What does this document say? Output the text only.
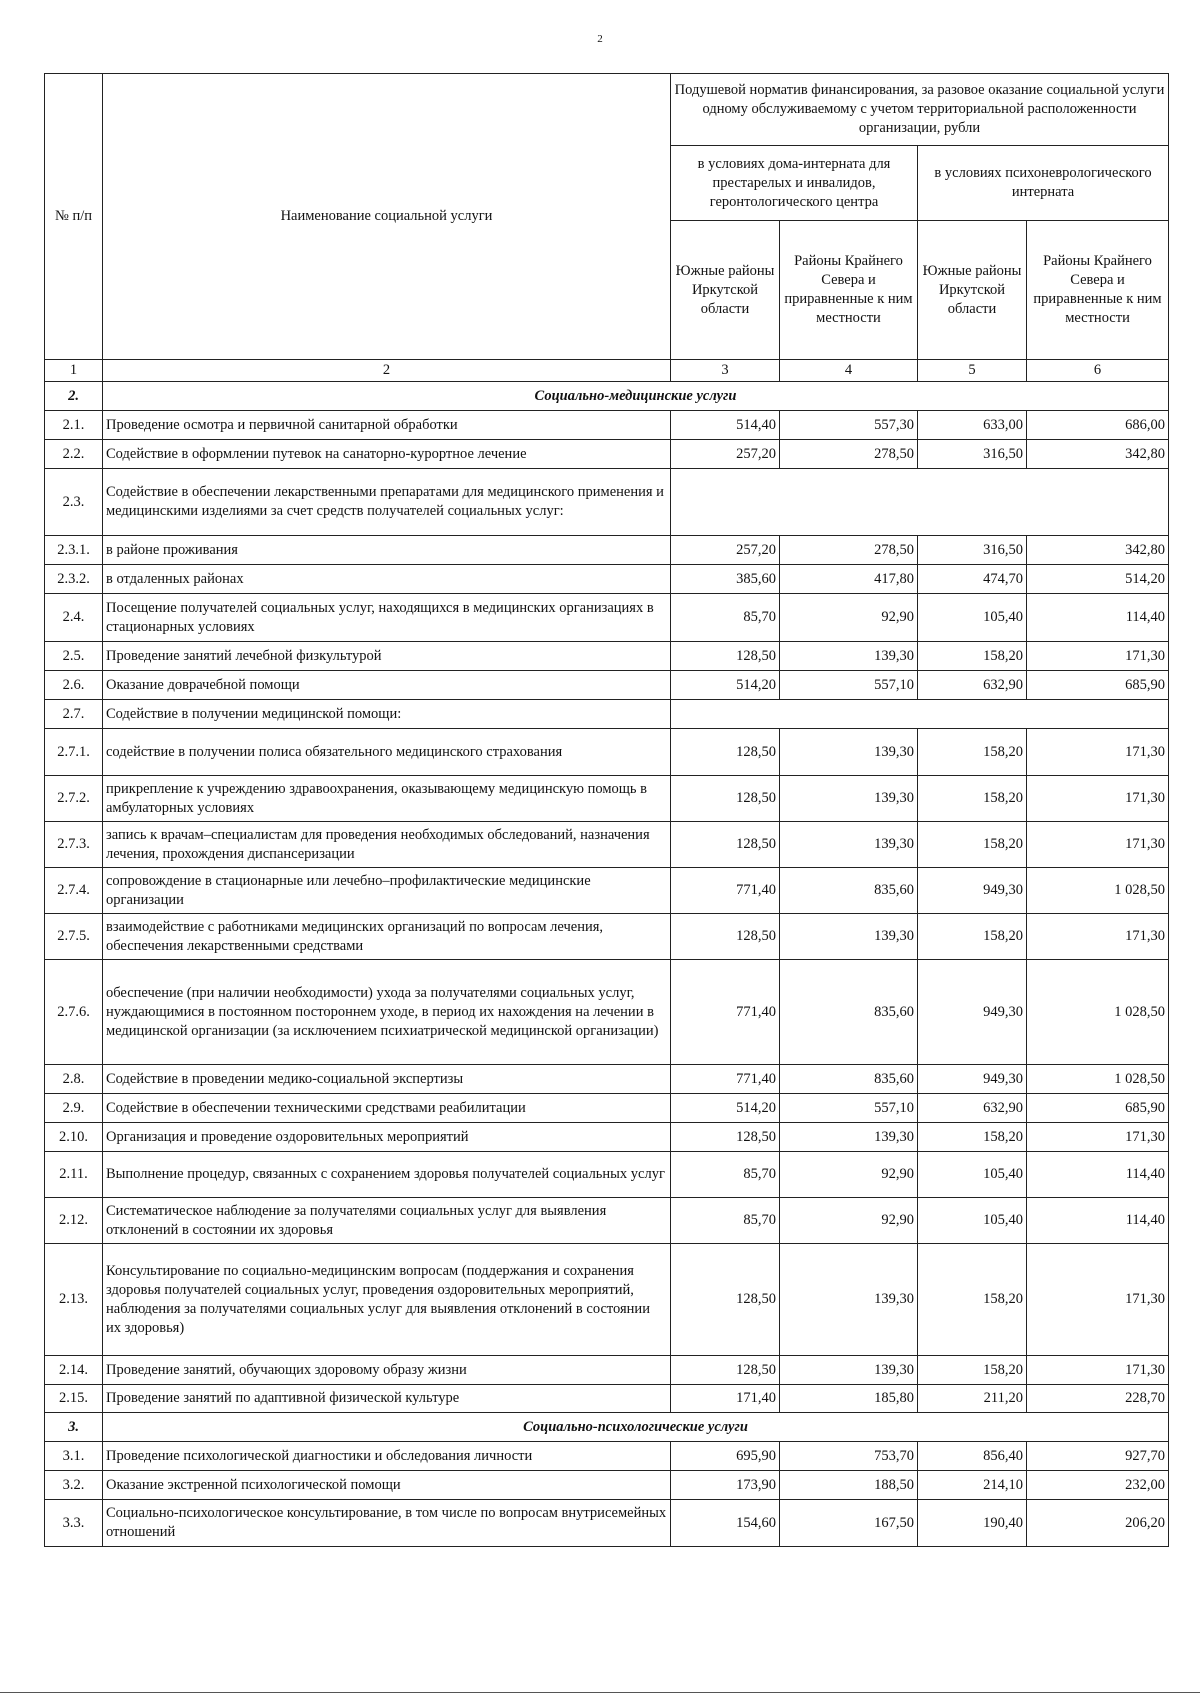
2
№ п/п	Наименование социальной услуги	Подушевой норматив финансирования, за разовое оказание социальной услуги одному обслуживаемому с учетом территориальной расположенности организации, рубли			
		в условиях дома-интерната для престарелых и инвалидов, геронтологического центра		в условиях психоневрологического интерната	
		Южные районы Иркутской области	Районы Крайнего Севера и приравненные к ним местности	Южные районы Иркутской области	Районы Крайнего Севера и приравненные к ним местности
1	2	3	4	5	6
2.	Социально-медицинские услуги				
2.1.	Проведение осмотра и первичной санитарной обработки	514,40	557,30	633,00	686,00
2.2.	Содействие в оформлении путевок на санаторно-курортное лечение	257,20	278,50	316,50	342,80
2.3.	Содействие в обеспечении лекарственными препаратами для медицинского применения и медицинскими изделиями за счет средств получателей социальных услуг:				
2.3.1.	в районе проживания	257,20	278,50	316,50	342,80
2.3.2.	в отдаленных районах	385,60	417,80	474,70	514,20
2.4.	Посещение получателей социальных услуг, находящихся в медицинских организациях в стационарных условиях	85,70	92,90	105,40	114,40
2.5.	Проведение занятий лечебной физкультурой	128,50	139,30	158,20	171,30
2.6.	Оказание доврачебной помощи	514,20	557,10	632,90	685,90
2.7.	Содействие в получении медицинской помощи:				
2.7.1.	содействие в получении полиса обязательного медицинского страхования	128,50	139,30	158,20	171,30
2.7.2.	прикрепление к учреждению здравоохранения, оказывающему медицинскую помощь в амбулаторных условиях	128,50	139,30	158,20	171,30
2.7.3.	запись к врачам–специалистам для проведения необходимых обследований, назначения лечения, прохождения диспансеризации	128,50	139,30	158,20	171,30
2.7.4.	сопровождение в стационарные или лечебно–профилактические медицинские организации	771,40	835,60	949,30	1 028,50
2.7.5.	взаимодействие с работниками медицинских организаций по вопросам лечения, обеспечения лекарственными средствами	128,50	139,30	158,20	171,30
2.7.6.	обеспечение (при наличии необходимости) ухода за получателями социальных услуг, нуждающимися в постоянном постороннем уходе, в период их нахождения на лечении в медицинской организации (за исключением психиатрической медицинской организации)	771,40	835,60	949,30	1 028,50
2.8.	Содействие в проведении медико-социальной экспертизы	771,40	835,60	949,30	1 028,50
2.9.	Содействие в обеспечении техническими средствами реабилитации	514,20	557,10	632,90	685,90
2.10.	Организация и проведение оздоровительных мероприятий	128,50	139,30	158,20	171,30
2.11.	Выполнение процедур, связанных с сохранением здоровья получателей социальных услуг	85,70	92,90	105,40	114,40
2.12.	Систематическое наблюдение за получателями социальных услуг для выявления отклонений в состоянии их здоровья	85,70	92,90	105,40	114,40
2.13.	Консультирование по социально-медицинским вопросам (поддержания и сохранения здоровья получателей социальных услуг, проведения оздоровительных мероприятий, наблюдения за получателями социальных услуг для выявления отклонений в состоянии их здоровья)	128,50	139,30	158,20	171,30
2.14.	Проведение занятий, обучающих здоровому образу жизни	128,50	139,30	158,20	171,30
2.15.	Проведение занятий по адаптивной физической культуре	171,40	185,80	211,20	228,70
3.	Социально-психологические услуги				
3.1.	Проведение психологической диагностики и обследования личности	695,90	753,70	856,40	927,70
3.2.	Оказание экстренной психологической помощи	173,90	188,50	214,10	232,00
3.3.	Социально-психологическое консультирование, в том числе по вопросам внутрисемейных отношений	154,60	167,50	190,40	206,20
